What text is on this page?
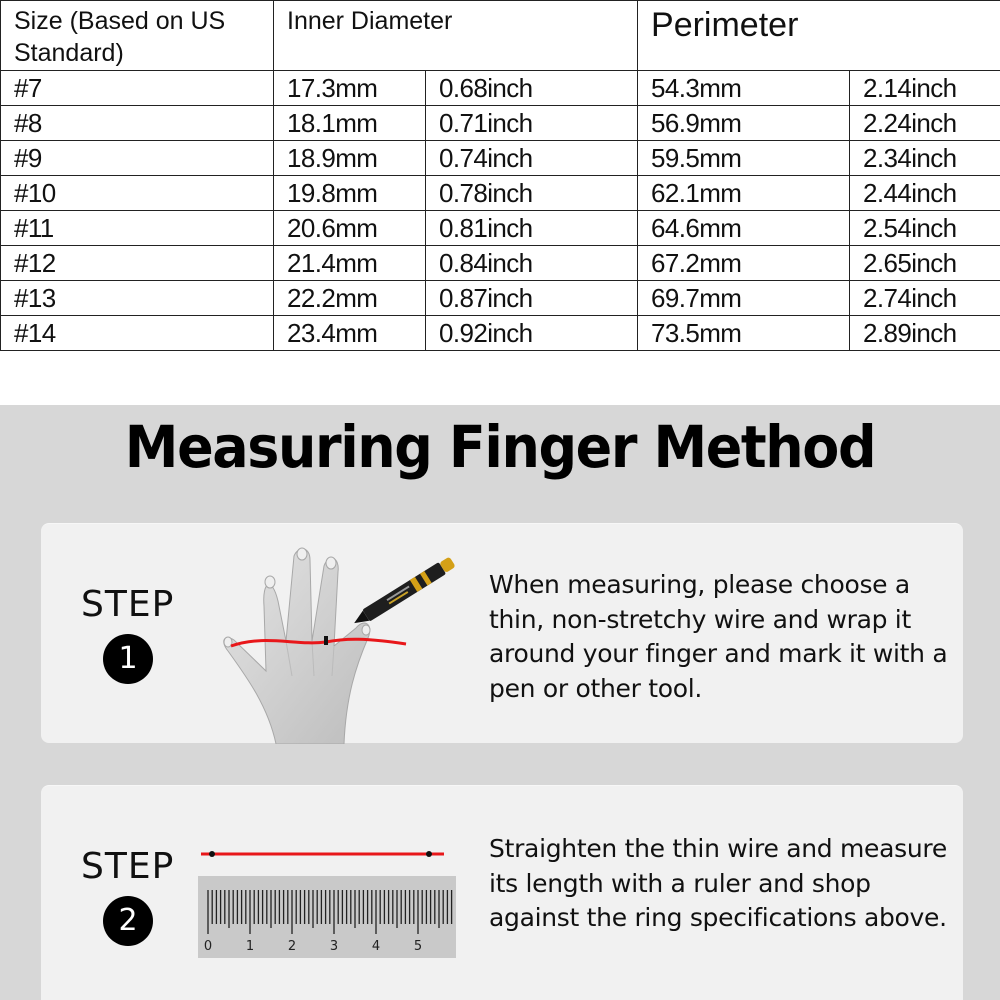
Size (Based on US Standard)	Inner Diameter		Perimeter	
#7	17.3mm	0.68inch	54.3mm	2.14inch
#8	18.1mm	0.71inch	56.9mm	2.24inch
#9	18.9mm	0.74inch	59.5mm	2.34inch
#10	19.8mm	0.78inch	62.1mm	2.44inch
#11	20.6mm	0.81inch	64.6mm	2.54inch
#12	21.4mm	0.84inch	67.2mm	2.65inch
#13	22.2mm	0.87inch	69.7mm	2.74inch
#14	23.4mm	0.92inch	73.5mm	2.89inch
Measuring Finger Method
STEP
1

When measuring, please choose a thin, non-stretchy wire and wrap it around your finger and mark it with a pen or other tool.

STEP
2
0	1	2	3	4	5

Straighten the thin wire and measure its length with a ruler and shop against the ring specifications above.
